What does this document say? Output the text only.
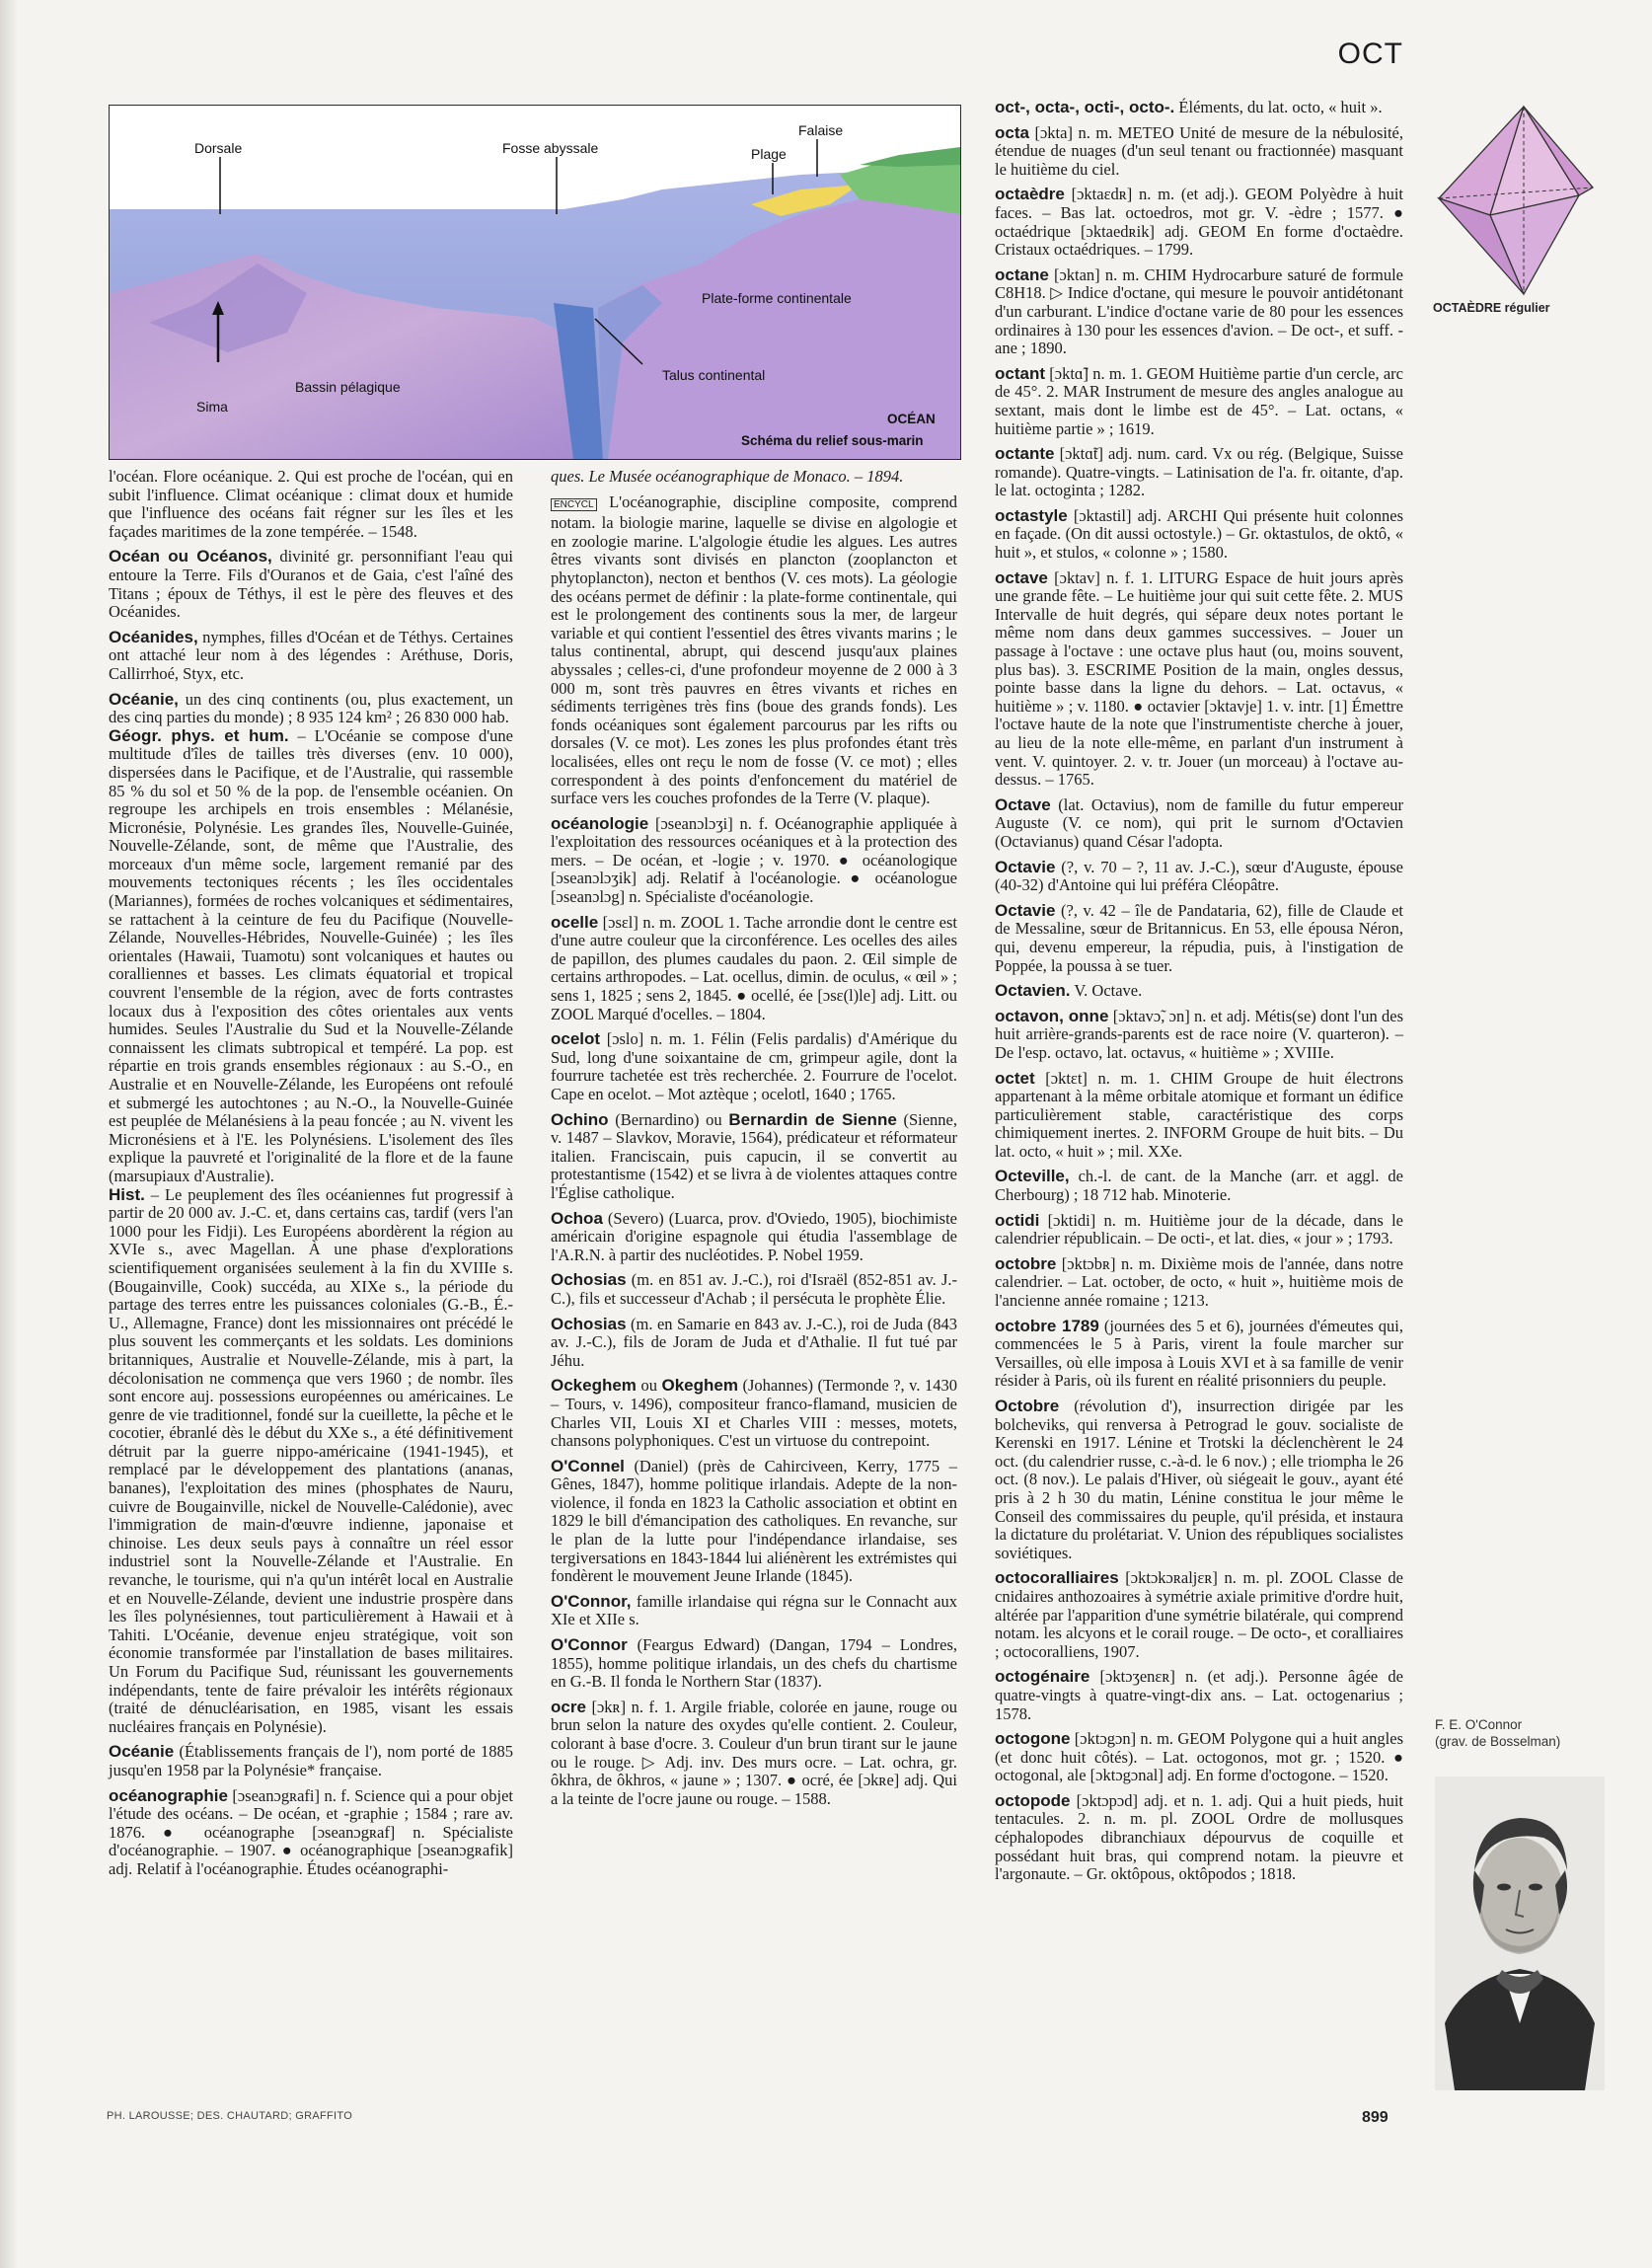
OCT
Dorsale	Fosse abyssale	Plage
Falaise
Plate-forme continentale
Talus continental
Bassin pélagique
Sima
OCÉAN
Schéma du relief sous-marin

l'océan. Flore océanique. 2. Qui est proche de l'océan, qui en subit l'influence. Climat océanique : climat doux et humide que l'influence des océans fait régner sur les îles et les façades maritimes de la zone tempérée. – 1548.

Océan ou Océanos, divinité gr. personnifiant l'eau qui entoure la Terre. Fils d'Ouranos et de Gaia, c'est l'aîné des Titans ; époux de Téthys, il est le père des fleuves et des Océanides.

Océanides, nymphes, filles d'Océan et de Téthys. Certaines ont attaché leur nom à des légendes : Aréthuse, Doris, Callirrhoé, Styx, etc.

Océanie, un des cinq continents (ou, plus exactement, un des cinq parties du monde) ; 8 935 124 km² ; 26 830 000 hab.
Géogr. phys. et hum. – L'Océanie se compose d'une multitude d'îles de tailles très diverses (env. 10 000), dispersées dans le Pacifique, et de l'Australie, qui rassemble 85 % du sol et 50 % de la pop. de l'ensemble océanien. On regroupe les archipels en trois ensembles : Mélanésie, Micronésie, Polynésie. Les grandes îles, Nouvelle-Guinée, Nouvelle-Zélande, sont, de même que l'Australie, des morceaux d'un même socle, largement remanié par des mouvements tectoniques récents ; les îles occidentales (Mariannes), formées de roches volcaniques et sédimentaires, se rattachent à la ceinture de feu du Pacifique (Nouvelle-Zélande, Nouvelles-Hébrides, Nouvelle-Guinée) ; les îles orientales (Hawaii, Tuamotu) sont volcaniques et hautes ou coralliennes et basses. Les climats équatorial et tropical couvrent l'ensemble de la région, avec de forts contrastes locaux dus à l'exposition des côtes orientales aux vents humides. Seules l'Australie du Sud et la Nouvelle-Zélande connaissent les climats subtropical et tempéré. La pop. est répartie en trois grands ensembles régionaux : au S.-O., en Australie et en Nouvelle-Zélande, les Européens ont refoulé et submergé les autochtones ; au N.-O., la Nouvelle-Guinée est peuplée de Mélanésiens à la peau foncée ; au N. vivent les Micronésiens et à l'E. les Polynésiens. L'isolement des îles explique la pauvreté et l'originalité de la flore et de la faune (marsupiaux d'Australie).
Hist. – Le peuplement des îles océaniennes fut progressif à partir de 20 000 av. J.-C. et, dans certains cas, tardif (vers l'an 1000 pour les Fidji). Les Européens abordèrent la région au XVIe s., avec Magellan. À une phase d'explorations scientifiquement organisées seulement à la fin du XVIIIe s. (Bougainville, Cook) succéda, au XIXe s., la période du partage des terres entre les puissances coloniales (G.-B., É.-U., Allemagne, France) dont les missionnaires ont précédé le plus souvent les commerçants et les soldats. Les dominions britanniques, Australie et Nouvelle-Zélande, mis à part, la décolonisation ne commença que vers 1960 ; de nombr. îles sont encore auj. possessions européennes ou américaines. Le genre de vie traditionnel, fondé sur la cueillette, la pêche et le cocotier, ébranlé dès le début du XXe s., a été définitivement détruit par la guerre nippo-américaine (1941-1945), et remplacé par le développement des plantations (ananas, bananes), l'exploitation des mines (phosphates de Nauru, cuivre de Bougainville, nickel de Nouvelle-Calédonie), avec l'immigration de main-d'œuvre indienne, japonaise et chinoise. Les deux seuls pays à connaître un réel essor industriel sont la Nouvelle-Zélande et l'Australie. En revanche, le tourisme, qui n'a qu'un intérêt local en Australie et en Nouvelle-Zélande, devient une industrie prospère dans les îles polynésiennes, tout particulièrement à Hawaii et à Tahiti. L'Océanie, devenue enjeu stratégique, voit son économie transformée par l'installation de bases militaires. Un Forum du Pacifique Sud, réunissant les gouvernements indépendants, tente de faire prévaloir les intérêts régionaux (traité de dénucléarisation, en 1985, visant les essais nucléaires français en Polynésie).

Océanie (Établissements français de l'), nom porté de 1885 jusqu'en 1958 par la Polynésie* française.

océanographie [ɔseanɔgʀafi] n. f. Science qui a pour objet l'étude des océans. – De océan, et -graphie ; 1584 ; rare av. 1876. ● océanographe [ɔseanɔgʀaf] n. Spécialiste d'océanographie. – 1907. ● océanographique [ɔseanɔgʀafik] adj. Relatif à l'océanographie. Études océanographi-

ques. Le Musée océanographique de Monaco. – 1894.

ENCYCL L'océanographie, discipline composite, comprend notam. la biologie marine, laquelle se divise en algologie et en zoologie marine. L'algologie étudie les algues. Les autres êtres vivants sont divisés en plancton (zooplancton et phytoplancton), necton et benthos (V. ces mots). La géologie des océans permet de définir : la plate-forme continentale, qui est le prolongement des continents sous la mer, de largeur variable et qui contient l'essentiel des êtres vivants marins ; le talus continental, abrupt, qui descend jusqu'aux plaines abyssales ; celles-ci, d'une profondeur moyenne de 2 000 à 3 000 m, sont très pauvres en êtres vivants et riches en sédiments terrigènes très fins (boue des grands fonds). Les fonds océaniques sont également parcourus par les rifts ou dorsales (V. ce mot). Les zones les plus profondes étant très localisées, elles ont reçu le nom de fosse (V. ce mot) ; elles correspondent à des points d'enfoncement du matériel de surface vers les couches profondes de la Terre (V. plaque).

océanologie [ɔseanɔlɔʒi] n. f. Océanographie appliquée à l'exploitation des ressources océaniques et à la protection des mers. – De océan, et -logie ; v. 1970. ● océanologique [ɔseanɔlɔʒik] adj. Relatif à l'océanologie. ● océanologue [ɔseanɔlɔg] n. Spécialiste d'océanologie.

ocelle [ɔsɛl] n. m. ZOOL 1. Tache arrondie dont le centre est d'une autre couleur que la circonférence. Les ocelles des ailes de papillon, des plumes caudales du paon. 2. Œil simple de certains arthropodes. – Lat. ocellus, dimin. de oculus, « œil » ; sens 1, 1825 ; sens 2, 1845. ● ocellé, ée [ɔsɛ(l)le] adj. Litt. ou ZOOL Marqué d'ocelles. – 1804.

ocelot [ɔslo] n. m. 1. Félin (Felis pardalis) d'Amérique du Sud, long d'une soixantaine de cm, grimpeur agile, dont la fourrure tachetée est très recherchée. 2. Fourrure de l'ocelot. Cape en ocelot. – Mot aztèque ; ocelotl, 1640 ; 1765.

Ochino (Bernardino) ou Bernardin de Sienne (Sienne, v. 1487 – Slavkov, Moravie, 1564), prédicateur et réformateur italien. Franciscain, puis capucin, il se convertit au protestantisme (1542) et se livra à de violentes attaques contre l'Église catholique.

Ochoa (Severo) (Luarca, prov. d'Oviedo, 1905), biochimiste américain d'origine espagnole qui étudia l'assemblage de l'A.R.N. à partir des nucléotides. P. Nobel 1959.

Ochosias (m. en 851 av. J.-C.), roi d'Israël (852-851 av. J.-C.), fils et successeur d'Achab ; il persécuta le prophète Élie.

Ochosias (m. en Samarie en 843 av. J.-C.), roi de Juda (843 av. J.-C.), fils de Joram de Juda et d'Athalie. Il fut tué par Jéhu.

Ockeghem ou Okeghem (Johannes) (Termonde ?, v. 1430 – Tours, v. 1496), compositeur franco-flamand, musicien de Charles VII, Louis XI et Charles VIII : messes, motets, chansons polyphoniques. C'est un virtuose du contrepoint.

O'Connel (Daniel) (près de Cahirciveen, Kerry, 1775 – Gênes, 1847), homme politique irlandais. Adepte de la non-violence, il fonda en 1823 la Catholic association et obtint en 1829 le bill d'émancipation des catholiques. En revanche, sur le plan de la lutte pour l'indépendance irlandaise, ses tergiversations en 1843-1844 lui aliénèrent les extrémistes qui fondèrent le mouvement Jeune Irlande (1845).

O'Connor, famille irlandaise qui régna sur le Connacht aux XIe et XIIe s.

O'Connor (Feargus Edward) (Dangan, 1794 – Londres, 1855), homme politique irlandais, un des chefs du chartisme en G.-B. Il fonda le Northern Star (1837).

ocre [ɔkʀ] n. f. 1. Argile friable, colorée en jaune, rouge ou brun selon la nature des oxydes qu'elle contient. 2. Couleur, colorant à base d'ocre. 3. Couleur d'un brun tirant sur le jaune ou le rouge. ▷ Adj. inv. Des murs ocre. – Lat. ochra, gr. ôkhra, de ôkhros, « jaune » ; 1307. ● ocré, ée [ɔkʀe] adj. Qui a la teinte de l'ocre jaune ou rouge. – 1588.

oct-, octa-, octi-, octo-. Éléments, du lat. octo, « huit ».

octa [ɔkta] n. m. METEO Unité de mesure de la nébulosité, étendue de nuages (d'un seul tenant ou fractionnée) masquant le huitième du ciel.

octaèdre [ɔktaɛdʀ] n. m. (et adj.). GEOM Polyèdre à huit faces. – Bas lat. octoedros, mot gr. V. -èdre ; 1577. ● octaédrique [ɔktaedʀik] adj. GEOM En forme d'octaèdre. Cristaux octaédriques. – 1799.

octane [ɔktan] n. m. CHIM Hydrocarbure saturé de formule C8H18. ▷ Indice d'octane, qui mesure le pouvoir antidétonant d'un carburant. L'indice d'octane varie de 80 pour les essences ordinaires à 130 pour les essences d'avion. – De oct-, et suff. -ane ; 1890.

octant [ɔktɑ̃] n. m. 1. GEOM Huitième partie d'un cercle, arc de 45°. 2. MAR Instrument de mesure des angles analogue au sextant, mais dont le limbe est de 45°. – Lat. octans, « huitième partie » ; 1619.

octante [ɔktɑ̃t] adj. num. card. Vx ou rég. (Belgique, Suisse romande). Quatre-vingts. – Latinisation de l'a. fr. oitante, d'ap. le lat. octoginta ; 1282.

octastyle [ɔktastil] adj. ARCHI Qui présente huit colonnes en façade. (On dit aussi octostyle.) – Gr. oktastulos, de oktô, « huit », et stulos, « colonne » ; 1580.

octave [ɔktav] n. f. 1. LITURG Espace de huit jours après une grande fête. – Le huitième jour qui suit cette fête. 2. MUS Intervalle de huit degrés, qui sépare deux notes portant le même nom dans deux gammes successives. – Jouer un passage à l'octave : une octave plus haut (ou, moins souvent, plus bas). 3. ESCRIME Position de la main, ongles dessus, pointe basse dans la ligne du dehors. – Lat. octavus, « huitième » ; v. 1180. ● octavier [ɔktavje] 1. v. intr. [1] Émettre l'octave haute de la note que l'instrumentiste cherche à jouer, au lieu de la note elle-même, en parlant d'un instrument à vent. V. quintoyer. 2. v. tr. Jouer (un morceau) à l'octave au-dessus. – 1765.

Octave (lat. Octavius), nom de famille du futur empereur Auguste (V. ce nom), qui prit le surnom d'Octavien (Octavianus) quand César l'adopta.

Octavie (?, v. 70 – ?, 11 av. J.-C.), sœur d'Auguste, épouse (40-32) d'Antoine qui lui préféra Cléopâtre.

Octavie (?, v. 42 – île de Pandataria, 62), fille de Claude et de Messaline, sœur de Britannicus. En 53, elle épousa Néron, qui, devenu empereur, la répudia, puis, à l'instigation de Poppée, la poussa à se tuer.

Octavien. V. Octave.

octavon, onne [ɔktavɔ̃, ɔn] n. et adj. Métis(se) dont l'un des huit arrière-grands-parents est de race noire (V. quarteron). – De l'esp. octavo, lat. octavus, « huitième » ; XVIIIe.

octet [ɔktɛt] n. m. 1. CHIM Groupe de huit électrons appartenant à la même orbitale atomique et formant un édifice particulièrement stable, caractéristique des corps chimiquement inertes. 2. INFORM Groupe de huit bits. – Du lat. octo, « huit » ; mil. XXe.

Octeville, ch.-l. de cant. de la Manche (arr. et aggl. de Cherbourg) ; 18 712 hab. Minoterie.

octidi [ɔktidi] n. m. Huitième jour de la décade, dans le calendrier républicain. – De octi-, et lat. dies, « jour » ; 1793.

octobre [ɔktɔbʀ] n. m. Dixième mois de l'année, dans notre calendrier. – Lat. october, de octo, « huit », huitième mois de l'ancienne année romaine ; 1213.

octobre 1789 (journées des 5 et 6), journées d'émeutes qui, commencées le 5 à Paris, virent la foule marcher sur Versailles, où elle imposa à Louis XVI et à sa famille de venir résider à Paris, où ils furent en réalité prisonniers du peuple.

Octobre (révolution d'), insurrection dirigée par les bolcheviks, qui renversa à Petrograd le gouv. socialiste de Kerenski en 1917. Lénine et Trotski la déclenchèrent le 24 oct. (du calendrier russe, c.-à-d. le 6 nov.) ; elle triompha le 26 oct. (8 nov.). Le palais d'Hiver, où siégeait le gouv., ayant été pris à 2 h 30 du matin, Lénine constitua le jour même le Conseil des commissaires du peuple, qu'il présida, et instaura la dictature du prolétariat. V. Union des républiques socialistes soviétiques.

octocoralliaires [ɔktɔkɔʀaljɛʀ] n. m. pl. ZOOL Classe de cnidaires anthozoaires à symétrie axiale primitive d'ordre huit, altérée par l'apparition d'une symétrie bilatérale, qui comprend notam. les alcyons et le corail rouge. – De octo-, et coralliaires ; octocoralliens, 1907.

octogénaire [ɔktɔʒenɛʀ] n. (et adj.). Personne âgée de quatre-vingts à quatre-vingt-dix ans. – Lat. octogenarius ; 1578.

octogone [ɔktɔgɔn] n. m. GEOM Polygone qui a huit angles (et donc huit côtés). – Lat. octogonos, mot gr. ; 1520. ● octogonal, ale [ɔktɔgɔnal] adj. En forme d'octogone. – 1520.

octopode [ɔktɔpɔd] adj. et n. 1. adj. Qui a huit pieds, huit tentacules. 2. n. m. pl. ZOOL Ordre de mollusques céphalopodes dibranchiaux dépourvus de coquille et possédant huit bras, qui comprend notam. la pieuvre et l'argonaute. – Gr. oktôpous, oktôpodos ; 1818.

OCTAÈDRE régulier
F. E. O'Connor
(grav. de Bosselman)
PH. LAROUSSE; DES. CHAUTARD; GRAFFITO	899
